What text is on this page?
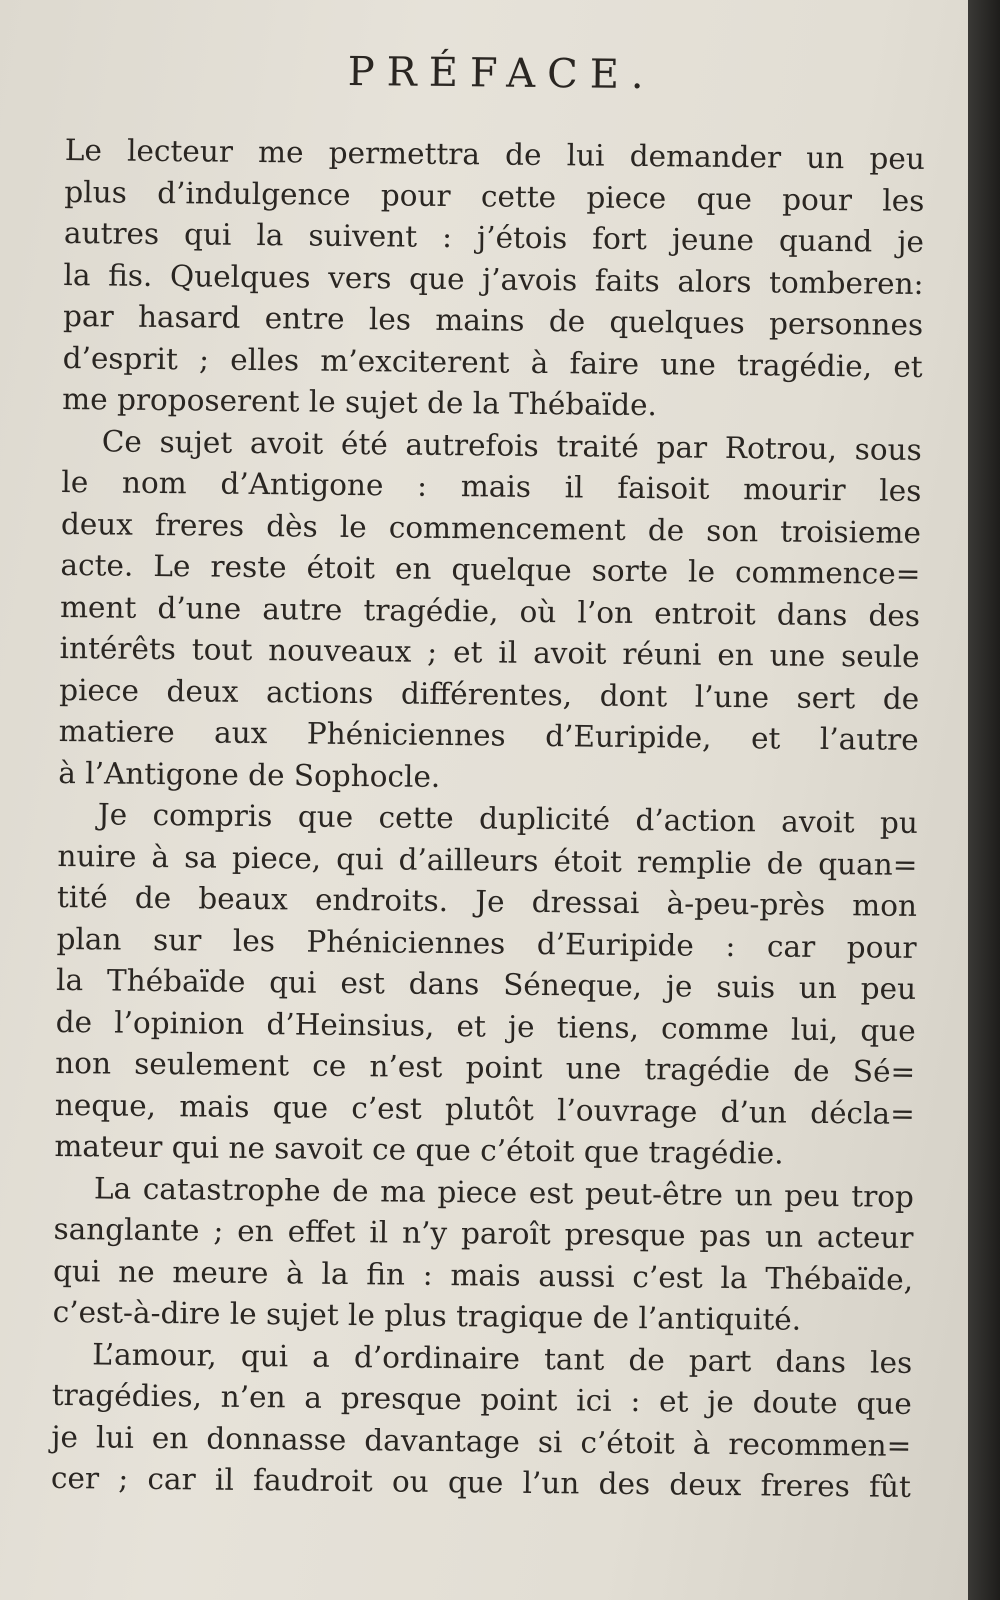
PRÉFACE.
Le lecteur me permettra de lui demander un peu
plus d’indulgence pour cette piece que pour les
autres qui la suivent : j’étois fort jeune quand je
la fis. Quelques vers que j’avois faits alors tomberen:
par hasard entre les mains de quelques personnes
d’esprit ; elles m’exciterent à faire une tragédie, et
me proposerent le sujet de la Thébaïde.
Ce sujet avoit été autrefois traité par Rotrou, sous
le nom d’Antigone : mais il faisoit mourir les
deux freres dès le commencement de son troisieme
acte. Le reste étoit en quelque sorte le commence=
ment d’une autre tragédie, où l’on entroit dans des
intérêts tout nouveaux ; et il avoit réuni en une seule
piece deux actions différentes, dont l’une sert de
matiere aux Phéniciennes d’Euripide, et l’autre
à l’Antigone de Sophocle.
Je compris que cette duplicité d’action avoit pu
nuire à sa piece, qui d’ailleurs étoit remplie de quan=
tité de beaux endroits. Je dressai à-peu-près mon
plan sur les Phéniciennes d’Euripide : car pour
la Thébaïde qui est dans Séneque, je suis un peu
de l’opinion d’Heinsius, et je tiens, comme lui, que
non seulement ce n’est point une tragédie de Sé=
neque, mais que c’est plutôt l’ouvrage d’un décla=
mateur qui ne savoit ce que c’étoit que tragédie.
La catastrophe de ma piece est peut-être un peu trop
sanglante ; en effet il n’y paroît presque pas un acteur
qui ne meure à la fin : mais aussi c’est la Thébaïde,
c’est-à-dire le sujet le plus tragique de l’antiquité.
L’amour, qui a d’ordinaire tant de part dans les
tragédies, n’en a presque point ici : et je doute que
je lui en donnasse davantage si c’étoit à recommen=
cer ; car il faudroit ou que l’un des deux freres fût
